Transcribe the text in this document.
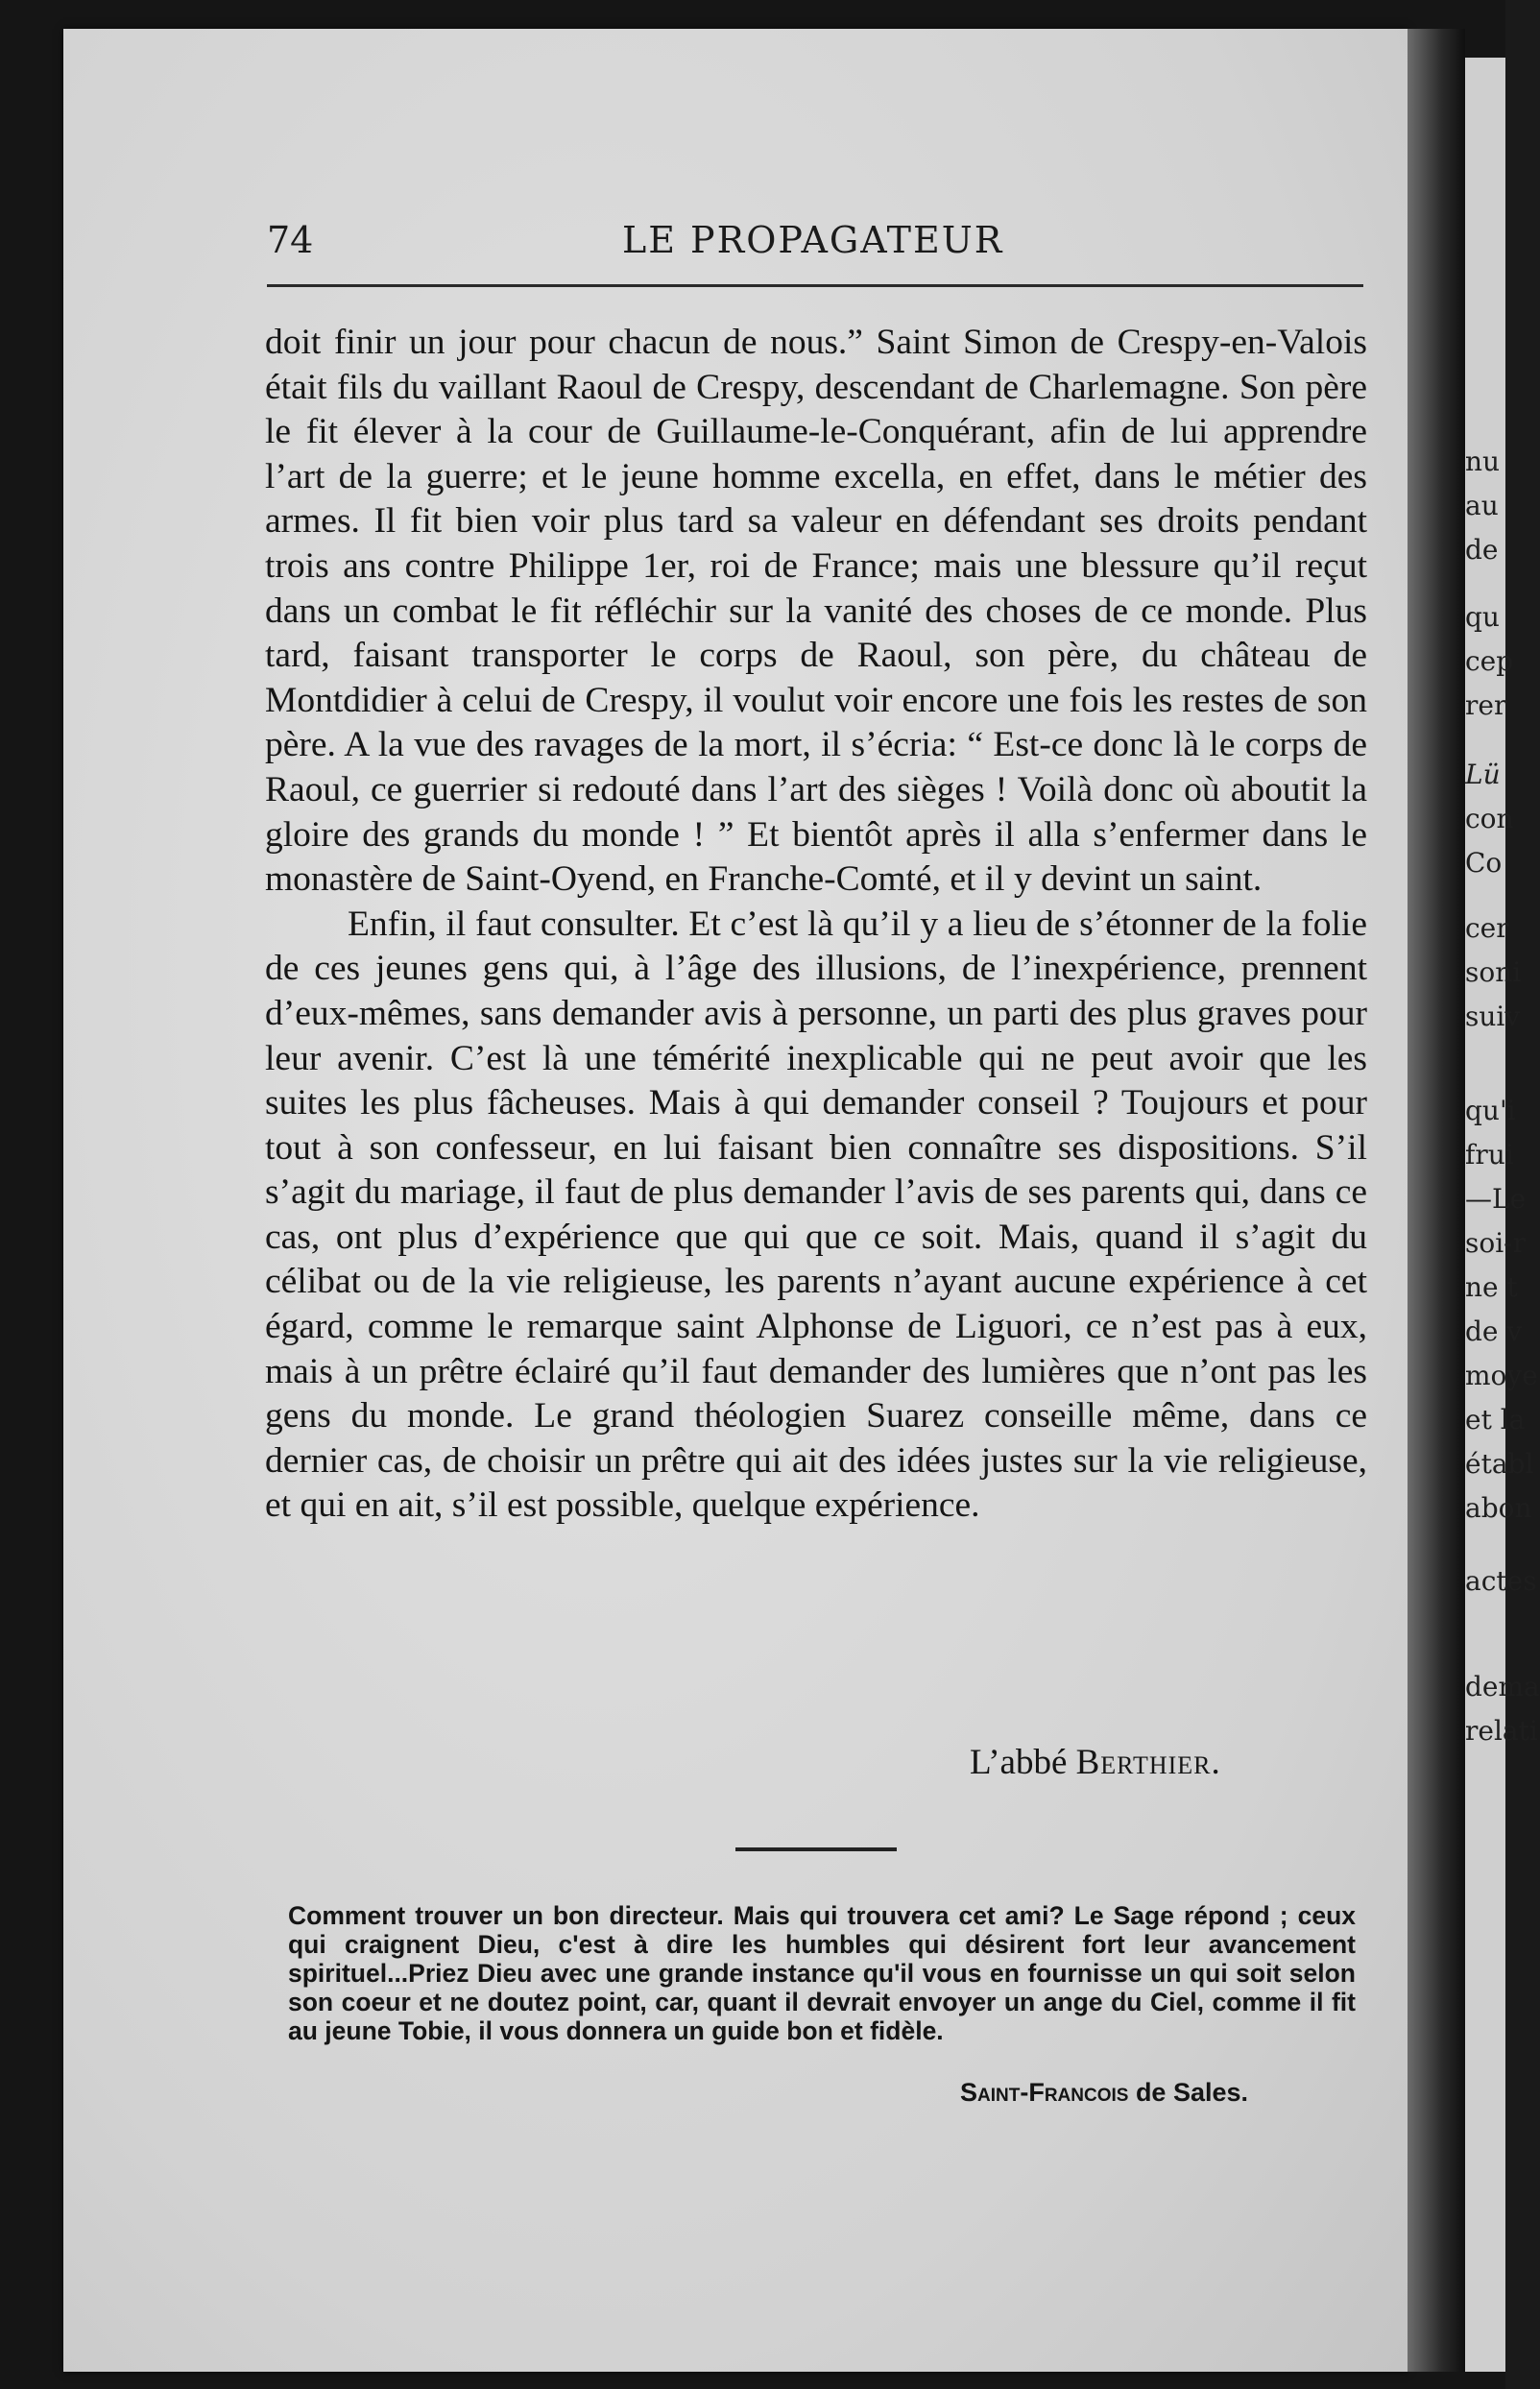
nu
au
de
qu
cep
rer
Lü
con
Co
cer
soni
suiv
qu'i
frui
—Le
soi-r
ne t
de v
moye
et la
établ
abon
actes
dema
relati
74	LE PROPAGATEUR

doit finir un jour pour chacun de nous.” Saint Simon de Crespy-en-Valois était fils du vaillant Raoul de Crespy, descendant de Charlemagne. Son père le fit élever à la cour de Guillaume-le-Conquérant, afin de lui apprendre l’art de la guerre; et le jeune homme excella, en effet, dans le métier des armes. Il fit bien voir plus tard sa valeur en défendant ses droits pendant trois ans contre Philippe 1er, roi de France; mais une blessure qu’il reçut dans un combat le fit réfléchir sur la vanité des choses de ce monde. Plus tard, faisant transporter le corps de Raoul, son père, du château de Montdidier à celui de Crespy, il voulut voir encore une fois les restes de son père. A la vue des ravages de la mort, il s’écria: “ Est-ce donc là le corps de Raoul, ce guerrier si redouté dans l’art des sièges ! Voilà donc où aboutit la gloire des grands du monde ! ” Et bientôt après il alla s’enfermer dans le monastère de Saint-Oyend, en Franche-Comté, et il y devint un saint.

Enfin, il faut consulter. Et c’est là qu’il y a lieu de s’étonner de la folie de ces jeunes gens qui, à l’âge des illusions, de l’inexpérience, prennent d’eux-mêmes, sans demander avis à personne, un parti des plus graves pour leur avenir. C’est là une témérité inexplicable qui ne peut avoir que les suites les plus fâcheuses. Mais à qui demander conseil ? Toujours et pour tout à son confesseur, en lui faisant bien connaître ses dispositions. S’il s’agit du mariage, il faut de plus demander l’avis de ses parents qui, dans ce cas, ont plus d’expérience que qui que ce soit. Mais, quand il s’agit du célibat ou de la vie religieuse, les parents n’ayant aucune expérience à cet égard, comme le remarque saint Alphonse de Liguori, ce n’est pas à eux, mais à un prêtre éclairé qu’il faut demander des lumières que n’ont pas les gens du monde. Le grand théologien Suarez conseille même, dans ce dernier cas, de choisir un prêtre qui ait des idées justes sur la vie religieuse, et qui en ait, s’il est possible, quelque expérience.

L’abbé Berthier.
Comment trouver un bon directeur. Mais qui trouvera cet ami? Le Sage répond ; ceux qui craignent Dieu, c'est à dire les humbles qui désirent fort leur avancement spirituel...Priez Dieu avec une grande instance qu'il vous en fournisse un qui soit selon son coeur et ne doutez point, car, quant il devrait envoyer un ange du Ciel, comme il fit au jeune Tobie, il vous donnera un guide bon et fidèle.
Saint-Francois de Sales.
